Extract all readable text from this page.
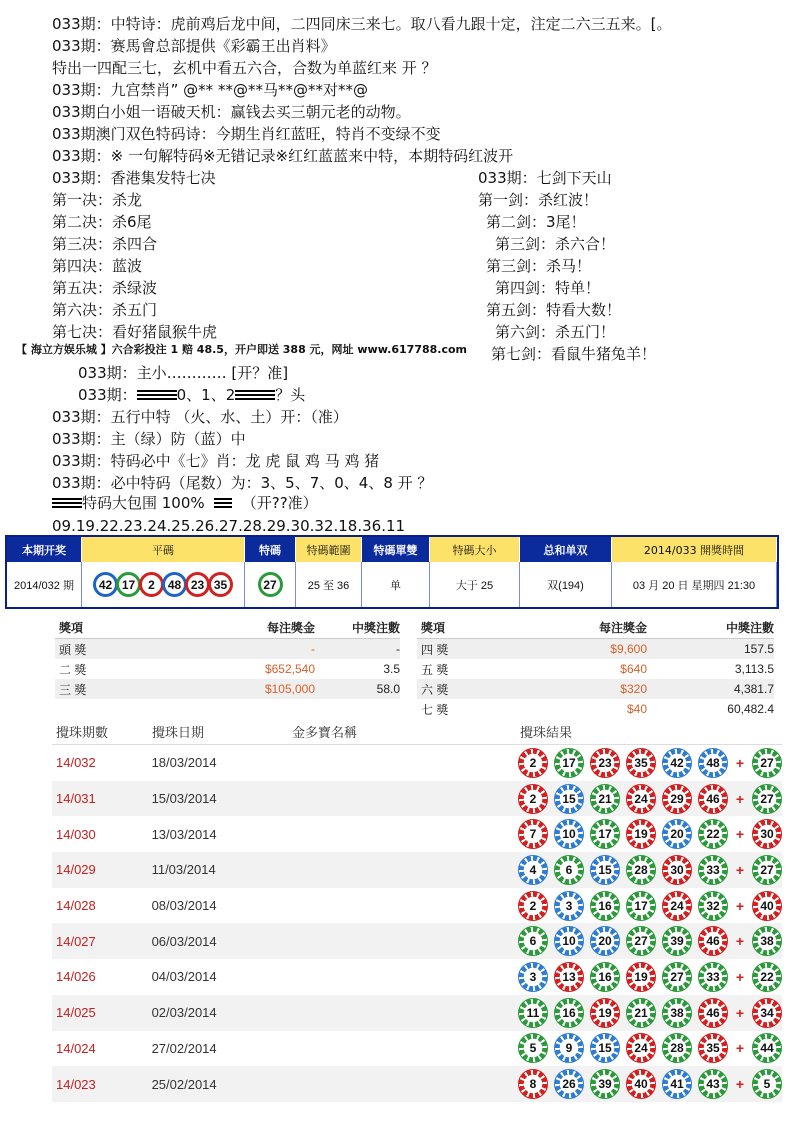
033期：中特诗：虎前鸡后龙中间，二四同床三来七。取八看九跟十定，注定二六三五来。[。
033期：赛馬會总部提供《彩霸王出肖料》
特出一四配三七，玄机中看五六合，合数为单蓝红来 开 ？
033期：九宫禁肖” @** **@**马**@**对**@
033期白小姐一语破天机：赢钱去买三朝元老的动物。
033期澳门双色特码诗：今期生肖红蓝旺，特肖不变绿不变
033期：※ 一句解特码※无错记录※红红蓝蓝来中特，本期特码红波开
033期：香港集发特七决
第一决：杀龙
第二决：杀6尾
第三决：杀四合
第四决：蓝波
第五决：杀绿波
第六决：杀五门
第七决：看好猪鼠猴牛虎
033期：七剑下天山
第一剑：杀红波！
第二剑：3尾！
第三剑：杀六合！
第三剑：杀马！
第四剑：特单！
第五剑：特看大数！
第六剑：杀五门！
第七剑：看鼠牛猪兔羊！
【 海立方娱乐城 】六合彩投注 1 赔 48.5，开户即送 388 元，网址 www.617788.com
033期：主小………… [开？准]
033期：	0、1、2	？头
033期：五行中特 （火、水、土）开：（准）
033期：主（绿）防（蓝）中
033期：特码必中《七》肖：龙 虎 鼠 鸡 马 鸡 猪
033期：必中特码（尾数）为：3、5、7、0、4、8 开 ？
特码大包围 100% （开??准）
09.19.22.23.24.25.26.27.28.29.30.32.18.36.11
本期开奖	平碼	特碼	特碼範圍	特碼單雙	特碼大小	总和单双	2014/033 開獎時間
2014/032 期	42 17	2	48 23 35	27	25 至 36	单	大于 25	双(194)	03 月 20 日 星期四 21:30
獎項	每注獎金	中獎注數
頭 獎	-	-
二 獎	$652,540	3.5
三 獎	$105,000	58.0
獎項	每注獎金	中獎注數
四 獎	$9,600	157.5
五 獎	$640	3,113.5
六 獎	$320	4,381.7
七 獎	$40	60,482.4
攪珠期數	攪珠日期	金多寶名稱	攪珠結果
14/032	18/03/2014	2	17	23	35	42	48	+	27
14/031	15/03/2014	2	15	21	24	29	46	+	27
14/030	13/03/2014	7	10	17	19	20	22	+	30
14/029	11/03/2014	4	6	15	28	30	33	+	27
14/028	08/03/2014	2	3	16	17	24	32	+	40
14/027	06/03/2014	6	10	20	27	39	46	+	38
14/026	04/03/2014	3	13	16	19	27	33	+	22
14/025	02/03/2014	11	16	19	21	38	46	+	34
14/024	27/02/2014	5	9	15	24	28	35	+	44
14/023	25/02/2014	8	26	39	40	41	43	+	5
